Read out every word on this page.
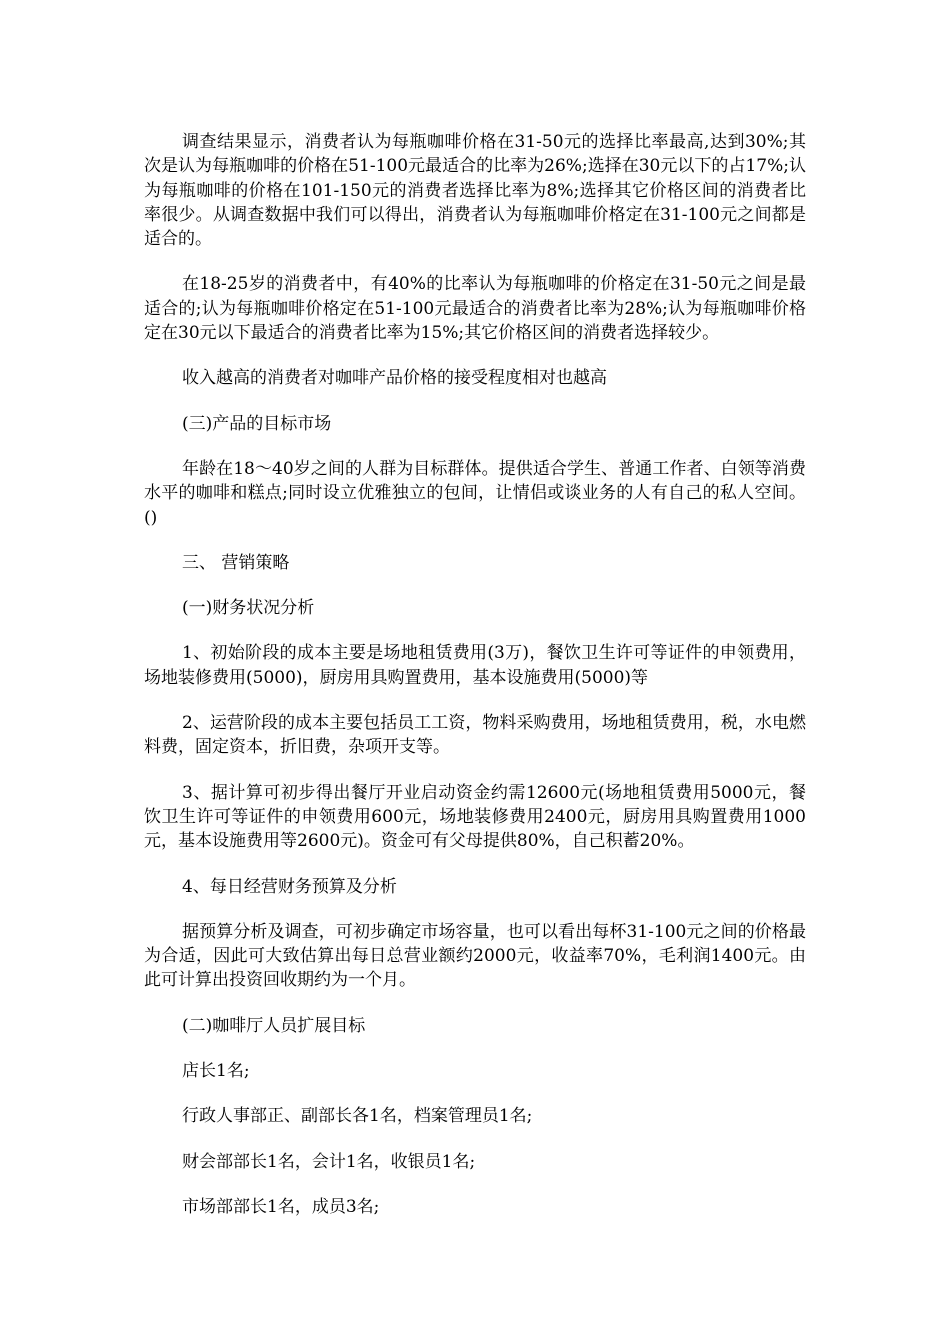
调查结果显示，消费者认为每瓶咖啡价格在31-50元的选择比率最高,达到30%;其次是认为每瓶咖啡的价格在51-100元最适合的比率为26%;选择在30元以下的占17%;认为每瓶咖啡的价格在101-150元的消费者选择比率为8%;选择其它价格区间的消费者比率很少。从调查数据中我们可以得出，消费者认为每瓶咖啡价格定在31-100元之间都是适合的。

在18-25岁的消费者中，有40%的比率认为每瓶咖啡的价格定在31-50元之间是最适合的;认为每瓶咖啡价格定在51-100元最适合的消费者比率为28%;认为每瓶咖啡价格定在30元以下最适合的消费者比率为15%;其它价格区间的消费者选择较少。

收入越高的消费者对咖啡产品价格的接受程度相对也越高

(三)产品的目标市场

年龄在18～40岁之间的人群为目标群体。提供适合学生、普通工作者、白领等消费水平的咖啡和糕点;同时设立优雅独立的包间，让情侣或谈业务的人有自己的私人空间。()

三、 营销策略

(一)财务状况分析

1、初始阶段的成本主要是场地租赁费用(3万)，餐饮卫生许可等证件的申领费用，场地装修费用(5000)，厨房用具购置费用，基本设施费用(5000)等

2、运营阶段的成本主要包括员工工资，物料采购费用，场地租赁费用，税，水电燃料费，固定资本，折旧费，杂项开支等。

3、据计算可初步得出餐厅开业启动资金约需12600元(场地租赁费用5000元，餐饮卫生许可等证件的申领费用600元，场地装修费用2400元，厨房用具购置费用1000元，基本设施费用等2600元)。资金可有父母提供80%，自己积蓄20%。

4、每日经营财务预算及分析

据预算分析及调查，可初步确定市场容量，也可以看出每杯31-100元之间的价格最为合适，因此可大致估算出每日总营业额约2000元，收益率70%，毛利润1400元。由此可计算出投资回收期约为一个月。

(二)咖啡厅人员扩展目标

店长1名;

行政人事部正、副部长各1名，档案管理员1名;

财会部部长1名，会计1名，收银员1名;

市场部部长1名，成员3名;
